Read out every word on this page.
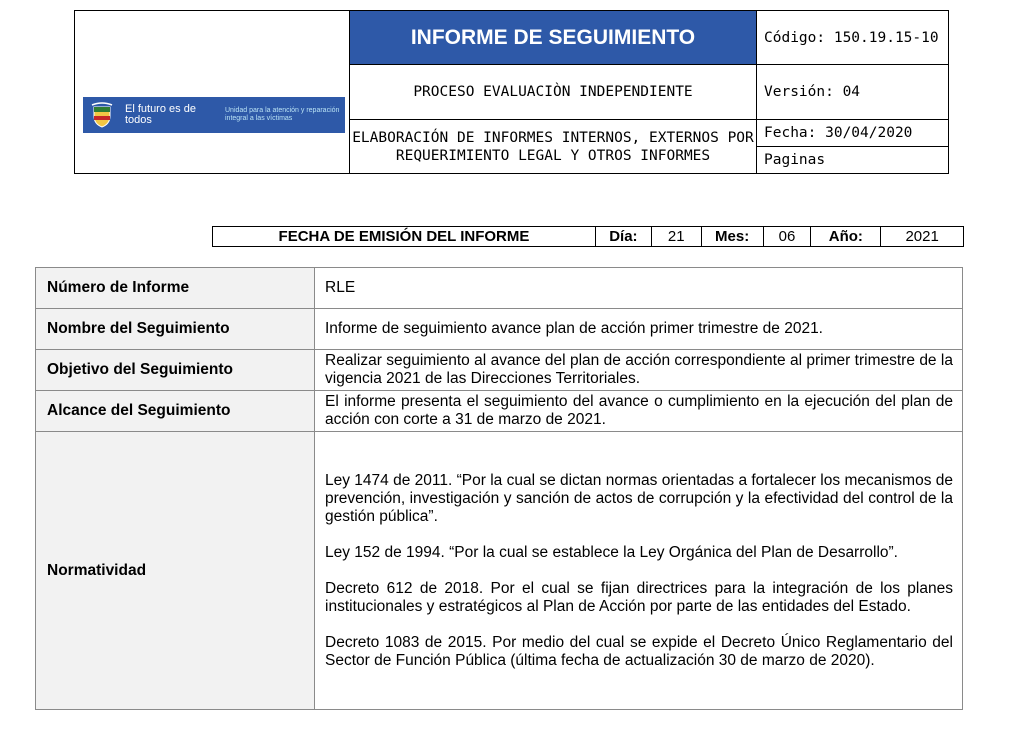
El futuro es de todos
Unidad para la atención y reparación integral a las víctimas	INFORME DE SEGUIMIENTO	Código: 150.19.15-10
	PROCESO EVALUACIÒN INDEPENDIENTE	Versión: 04
	ELABORACIÓN DE INFORMES INTERNOS, EXTERNOS POR REQUERIMIENTO LEGAL Y OTROS INFORMES	Fecha: 30/04/2020
		Paginas
FECHA DE EMISIÓN DEL INFORME	Día:	21	Mes:	06	Año:	2021
Número de Informe	RLE
Nombre del Seguimiento	Informe de seguimiento avance plan de acción primer trimestre de 2021.
Objetivo del Seguimiento	Realizar seguimiento al avance del plan de acción correspondiente al primer trimestre de la vigencia 2021 de las Direcciones Territoriales.
Alcance del Seguimiento	El informe presenta el seguimiento del avance o cumplimiento en la ejecución del plan de acción con corte a 31 de marzo de 2021.
Normatividad	Ley 1474 de 2011. “Por la cual se dictan normas orientadas a fortalecer los mecanismos de prevención, investigación y sanción de actos de corrupción y la efectividad del control de la gestión pública”.

Ley 152 de 1994. “Por la cual se establece la Ley Orgánica del Plan de Desarrollo”.

Decreto 612 de 2018. Por el cual se fijan directrices para la integración de los planes institucionales y estratégicos al Plan de Acción por parte de las entidades del Estado.

Decreto 1083 de 2015. Por medio del cual se expide el Decreto Único Reglamentario del Sector de Función Pública (última fecha de actualización 30 de marzo de 2020).
